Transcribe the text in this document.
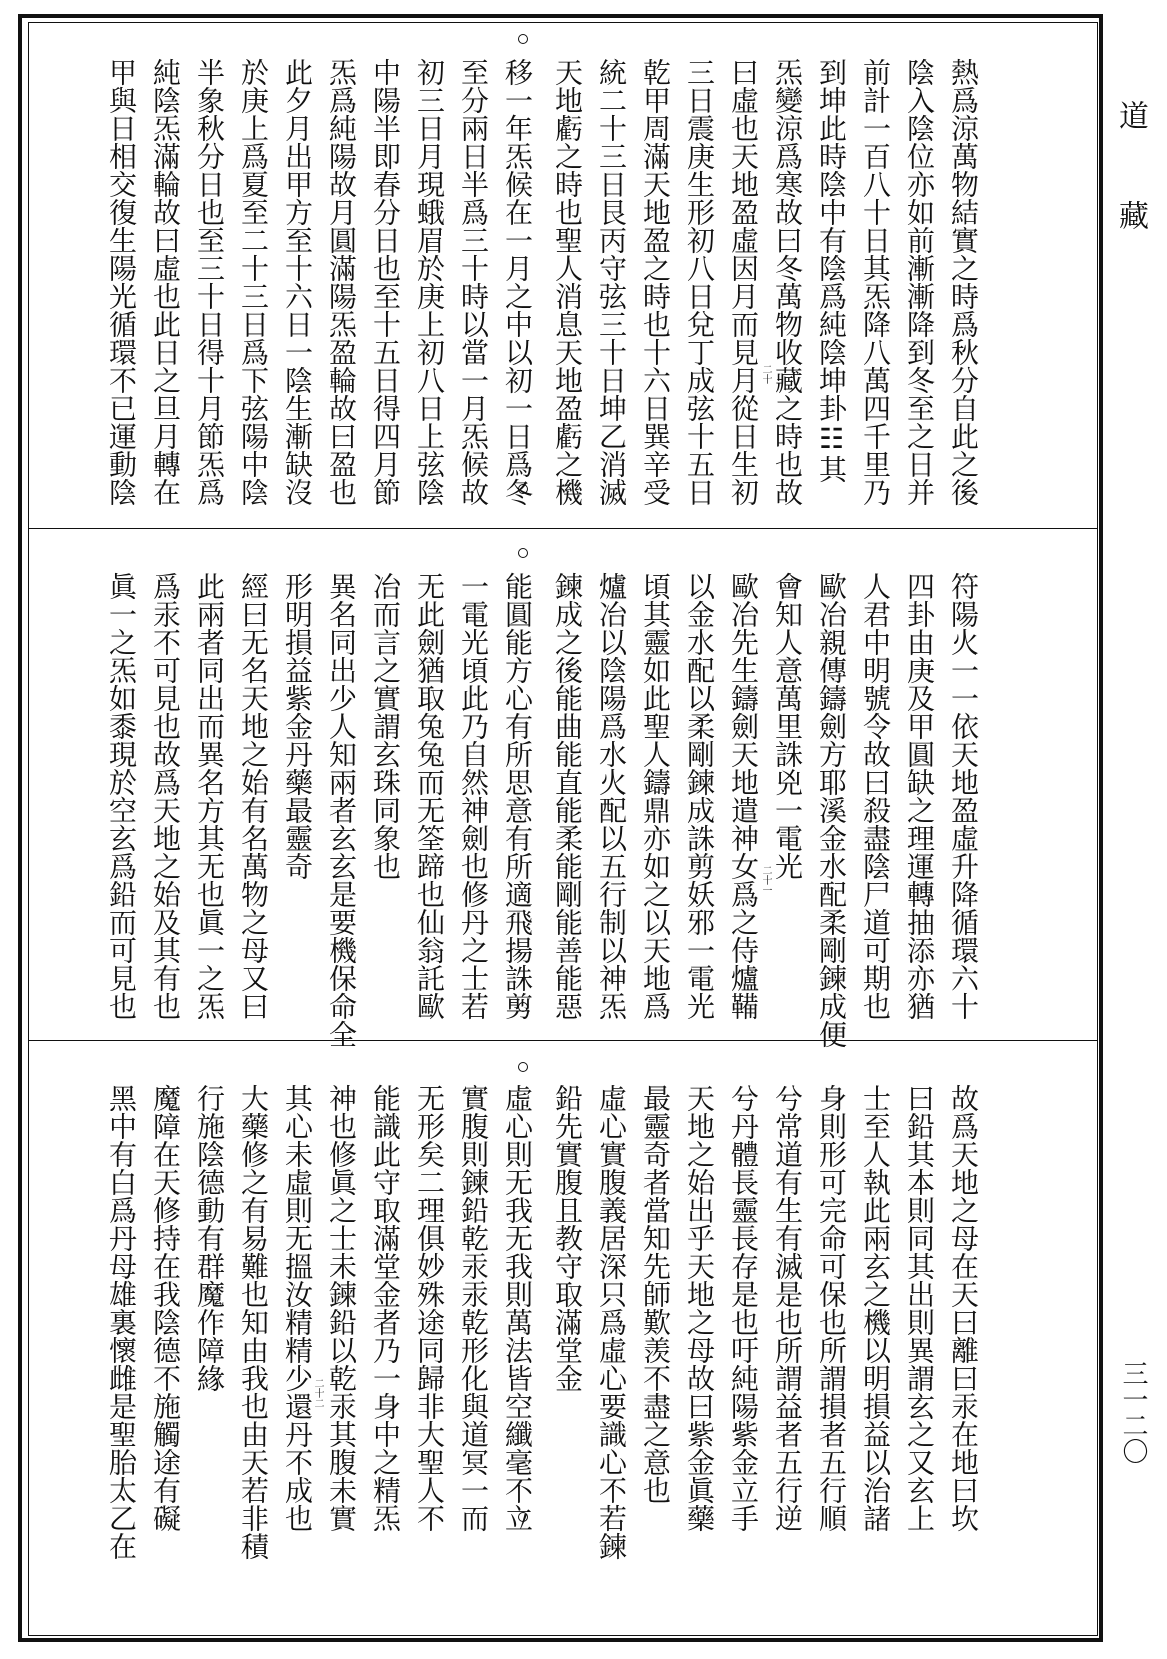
二十
二十一
二十二
道
藏
三一二〇
熱爲涼萬物結實之時爲秋分自此之後
陰入陰位亦如前漸漸降到冬至之日并
前計一百八十日其炁降八萬四千里乃
到坤此時陰中有陰爲純陰坤卦☷其
炁變涼爲寒故曰冬萬物收藏之時也故
曰虛也天地盈虛因月而見月從日生初
三日震庚生形初八日兌丁成弦十五日
乾甲周滿天地盈之時也十六日巽辛受
統二十三日艮丙守弦三十日坤乙消滅
天地虧之時也聖人消息天地盈虧之機
移一年炁候在一月之中以初一日爲冬
至分兩日半爲三十時以當一月炁候故
初三日月現蛾眉於庚上初八日上弦陰
中陽半即春分日也至十五日得四月節
炁爲純陽故月圓滿陽炁盈輪故曰盈也
此夕月出甲方至十六日一陰生漸缺沒
於庚上爲夏至二十三日爲下弦陽中陰
半象秋分日也至三十日得十月節炁爲
純陰炁滿輪故曰虛也此日之旦月轉在
甲與日相交復生陽光循環不已運動陰
符陽火一一依天地盈虛升降循環六十
四卦由庚及甲圓缺之理運轉抽添亦猶
人君中明號令故曰殺盡陰尸道可期也
歐冶親傳鑄劍方耶溪金水配柔剛鍊成便
會知人意萬里誅兇一電光
歐冶先生鑄劍天地遣神女爲之侍爐鞴
以金水配以柔剛鍊成誅剪妖邪一電光
頃其靈如此聖人鑄鼎亦如之以天地爲
爐冶以陰陽爲水火配以五行制以神炁
鍊成之後能曲能直能柔能剛能善能惡
能圓能方心有所思意有所適飛揚誅剪
一電光頃此乃自然神劍也修丹之士若
无此劍猶取兔兔而无筌蹄也仙翁託歐
冶而言之實謂玄珠同象也
異名同出少人知兩者玄玄是要機保命全
形明損益紫金丹藥最靈奇
經曰无名天地之始有名萬物之母又曰
此兩者同出而異名方其无也眞一之炁
爲汞不可見也故爲天地之始及其有也
眞一之炁如黍現於空玄爲鉛而可見也
故爲天地之母在天曰離曰汞在地曰坎
曰鉛其本則同其出則異謂玄之又玄上
士至人執此兩玄之機以明損益以治諸
身則形可完命可保也所謂損者五行順
兮常道有生有滅是也所謂益者五行逆
兮丹體長靈長存是也吁純陽紫金立手
天地之始出乎天地之母故曰紫金眞藥
最靈奇者當知先師歎羡不盡之意也
虛心實腹義居深只爲虛心要識心不若鍊
鉛先實腹且教守取滿堂金
虛心則无我无我則萬法皆空纖毫不立
實腹則鍊鉛乾汞汞乾形化與道冥一而
无形矣二理俱妙殊途同歸非大聖人不
能識此守取滿堂金者乃一身中之精炁
神也修眞之士未鍊鉛以乾汞其腹未實
其心未虛則无搵汝精精少還丹不成也
大藥修之有易難也知由我也由天若非積
行施陰德動有群魔作障緣
魔障在天修持在我陰德不施觸途有礙
黑中有白爲丹母雄裏懷雌是聖胎太乙在
